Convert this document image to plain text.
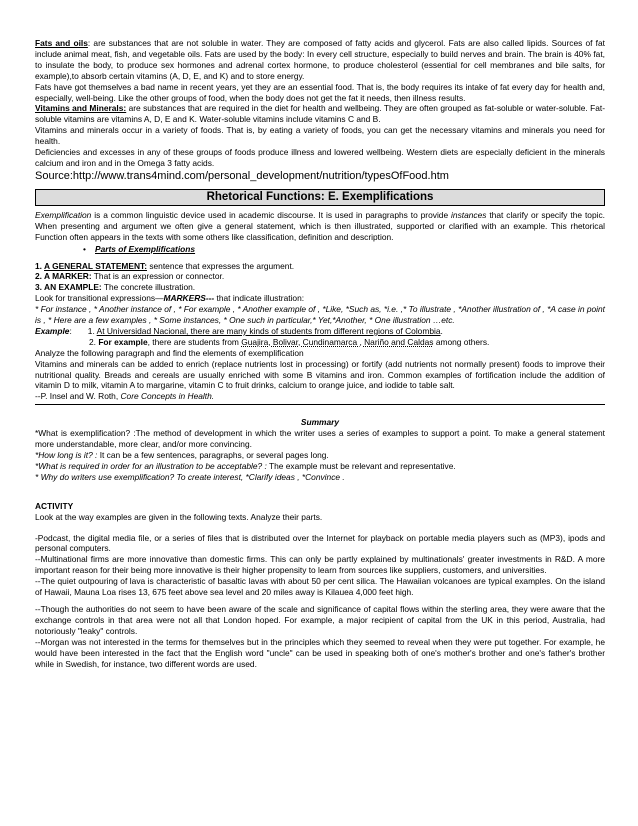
Fats and oils: are substances that are not soluble in water. They are composed of fatty acids and glycerol. Fats are also called lipids. Sources of fat include animal meat, fish, and vegetable oils. Fats are used by the body: In every cell structure, especially to build nerves and brain. The brain is 40% fat, to insulate the body, to produce sex hormones and adrenal cortex hormone, to produce cholesterol (essential for cell membranes and bile salts, for example),to absorb certain vitamins (A, D, E, and K) and to store energy.

Fats have got themselves a bad name in recent years, yet they are an essential food. That is, the body requires its intake of fat every day for health and, especially, well-being. Like the other groups of food, when the body does not get the fat it needs, then illness results.

Vitamins and Minerals: are substances that are required in the diet for health and wellbeing. They are often grouped as fat-soluble or water-soluble. Fat-soluble vitamins are vitamins A, D, E and K. Water-soluble vitamins include vitamins C and B.

Vitamins and minerals occur in a variety of foods. That is, by eating a variety of foods, you can get the necessary vitamins and minerals you need for health.

Deficiencies and excesses in any of these groups of foods produce illness and lowered wellbeing. Western diets are especially deficient in the minerals calcium and iron and in the Omega 3 fatty acids.

Source:http://www.trans4mind.com/personal_development/nutrition/typesOfFood.htm

Rhetorical Functions: E. Exemplifications

Exemplification is a common linguistic device used in academic discourse. It is used in paragraphs to provide instances that clarify or specify the topic. When presenting and argument we often give a general statement, which is then illustrated, supported or clarified with an example. This rhetorical Function often appears in the texts with some others like classification, definition and description.

• Parts of Exemplifications

1. A GENERAL STATEMENT: sentence that expresses the argument.

2. A MARKER: That is an expression or connector.

3. AN EXAMPLE: The concrete illustration.

Look for transitional expressions—MARKERS--- that indicate illustration:

* For instance , * Another instance of , * For example , * Another example of , *Like, *Such as, *i.e. ,* To illustrate , *Another illustration of , *A case in point is , * Here are a few examples , * Some instances, * One such in particular,* Yet,*Another, * One illustration …etc.

Example: 1. At Universidad Nacional, there are many kinds of students from different regions of Colombia.

2. For example, there are students from Guajira, Bolivar, Cundinamarca , Nariño and Caldas among others.

Analyze the following paragraph and find the elements of exemplification

Vitamins and minerals can be added to enrich (replace nutrients lost in processing) or fortify (add nutrients not normally present) foods to improve their nutritional quality. Breads and cereals are usually enriched with some B vitamins and iron. Common examples of fortification include the addition of vitamin D to milk, vitamin A to margarine, vitamin C to fruit drinks, calcium to orange juice, and iodide to table salt.

--P. Insel and W. Roth, Core Concepts in Health.

Summary

*What is exemplification? :The method of development in which the writer uses a series of examples to support a point. To make a general statement more understandable, more clear, and/or more convincing.

*How long is it? : It can be a few sentences, paragraphs, or several pages long.

*What is required in order for an illustration to be acceptable? : The example must be relevant and representative.

* Why do writers use exemplification? To create interest, *Clarify ideas , *Convince .

ACTIVITY

Look at the way examples are given in the following texts. Analyze their parts.

-Podcast, the digital media file, or a series of files that is distributed over the Internet for playback on portable media players such as (MP3), ipods and personal computers.

--Multinational firms are more innovative than domestic firms. This can only be partly explained by multinationals' greater investments in R&D. A more important reason for their being more innovative is their higher propensity to learn from sources like suppliers, customers, and universities.

--The quiet outpouring of lava is characteristic of basaltic lavas with about 50 per cent silica. The Hawaiian volcanoes are typical examples. On the island of Hawaii, Mauna Loa rises 13, 675 feet above sea level and 20 miles away is Kilauea 4,000 feet high.

--Though the authorities do not seem to have been aware of the scale and significance of capital flows within the sterling area, they were aware that the exchange controls in that area were not all that London hoped. For example, a major recipient of capital from the UK in this period, Australia, had notoriously "leaky" controls.

--Morgan was not interested in the terms for themselves but in the principles which they seemed to reveal when they were put together. For example, he would have been interested in the fact that the English word "uncle" can be used in speaking both of one's mother's brother and one's father's brother while in Swedish, for instance, two different words are used.
